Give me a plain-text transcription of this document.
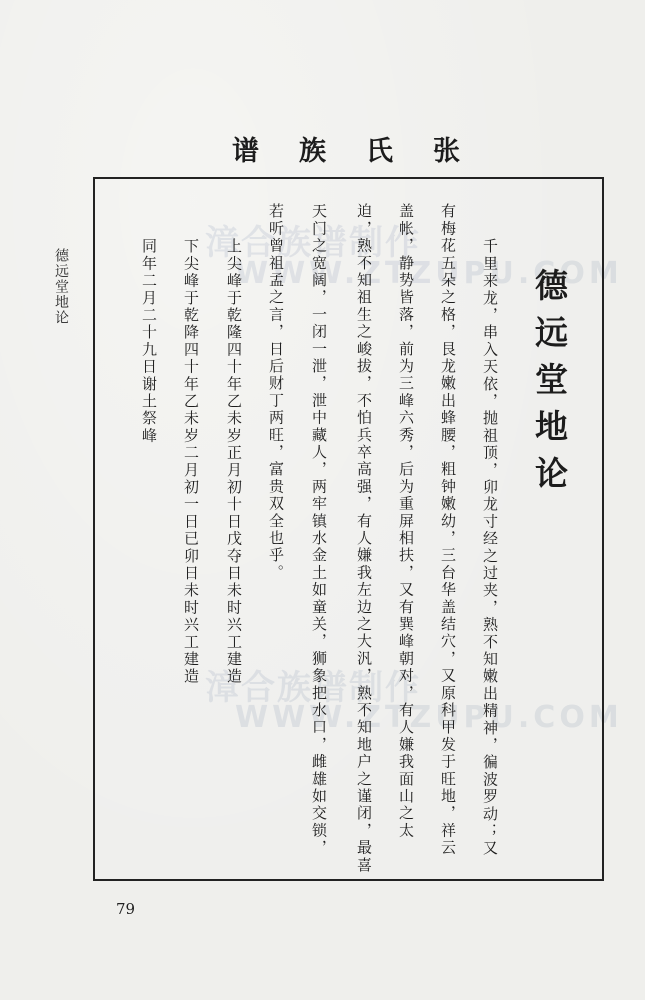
漳合族谱制作
WWW.ZTZUPU.COM
漳合族谱制作
WWW.ZTZUPU.COM
谱 族 氏 张
德远堂地论	德远堂地论
千里来龙，串入天依，抛祖顶，卯龙寸经之过夹，熟不知嫩出精神，徧波罗动；又
有梅花五朵之格，艮龙嫩出蜂腰，粗钟嫩幼，三台华盖结穴，又原科甲发于旺地，祥云
盖帐，静势皆落，前为三峰六秀，后为重屏相扶，又有巽峰朝对，有人嫌我面山之太
迫，熟不知祖生之峻拔，不怕兵卒高强，有人嫌我左边之大汎，熟不知地户之谨闭，最喜
天门之宽阔，一闭一泄，泄中藏人，两牢镇水金土如童关，狮象把水口，雌雄如交锁，
若听曾祖孟之言，日后财丁两旺，富贵双全也乎。
上尖峰于乾隆四十年乙未岁正月初十日戊夺日未时兴工建造
下尖峰于乾降四十年乙未岁二月初一日已卯日未时兴工建造
同年二月二十九日谢土祭峰
79
